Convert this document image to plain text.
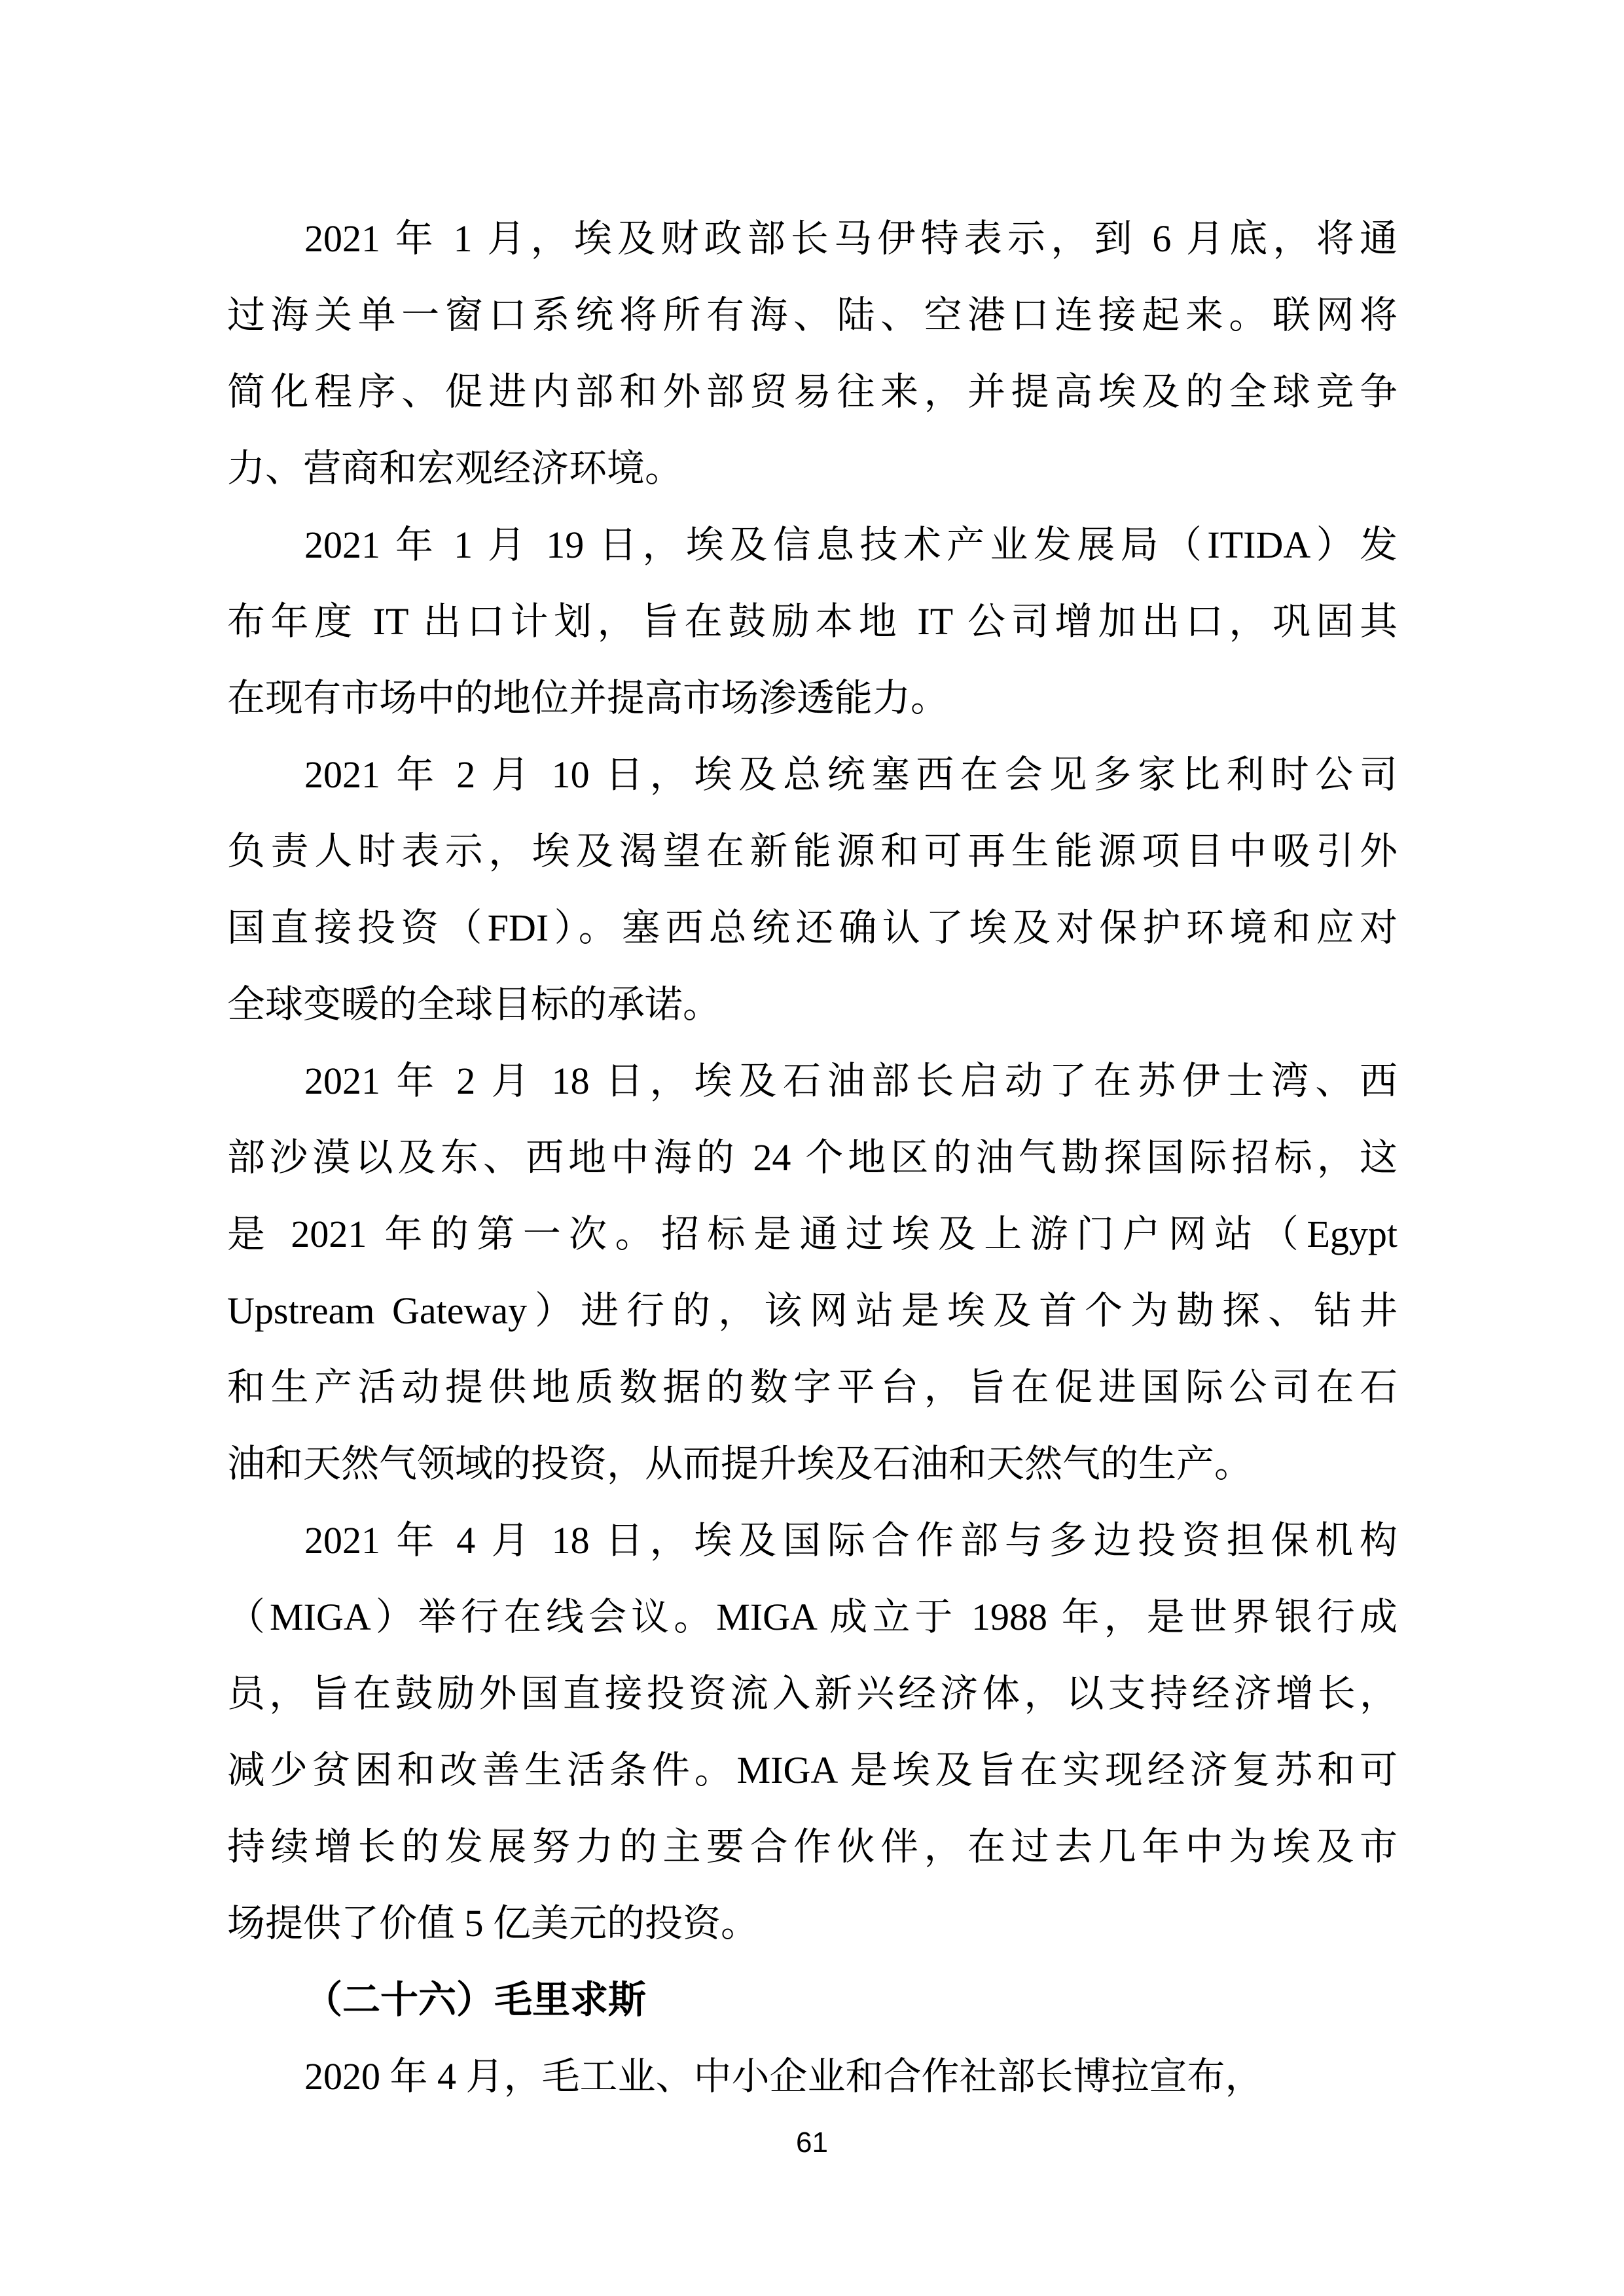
2021 年 1 月，埃及财政部长马伊特表示，到 6 月底，将通
过海关单一窗口系统将所有海、陆、空港口连接起来。联网将
简化程序、促进内部和外部贸易往来，并提高埃及的全球竞争
力、营商和宏观经济环境。
2021 年 1 月 19 日，埃及信息技术产业发展局（ITIDA）发
布年度 IT 出口计划，旨在鼓励本地 IT 公司增加出口，巩固其
在现有市场中的地位并提高市场渗透能力。
2021 年 2 月 10 日，埃及总统塞西在会见多家比利时公司
负责人时表示，埃及渴望在新能源和可再生能源项目中吸引外
国直接投资（FDI）。塞西总统还确认了埃及对保护环境和应对
全球变暖的全球目标的承诺。
2021 年 2 月 18 日，埃及石油部长启动了在苏伊士湾、西
部沙漠以及东、西地中海的 24 个地区的油气勘探国际招标，这
是 2021 年的第一次。招标是通过埃及上游门户网站（Egypt
Upstream Gateway）进行的，该网站是埃及首个为勘探、钻井
和生产活动提供地质数据的数字平台，旨在促进国际公司在石
油和天然气领域的投资，从而提升埃及石油和天然气的生产。
2021 年 4 月 18 日，埃及国际合作部与多边投资担保机构
（MIGA）举行在线会议。MIGA 成立于 1988 年，是世界银行成
员，旨在鼓励外国直接投资流入新兴经济体，以支持经济增长，
减少贫困和改善生活条件。MIGA 是埃及旨在实现经济复苏和可
持续增长的发展努力的主要合作伙伴，在过去几年中为埃及市
场提供了价值 5 亿美元的投资。
（二十六）毛里求斯
2020 年 4 月，毛工业、中小企业和合作社部长博拉宣布，
61
